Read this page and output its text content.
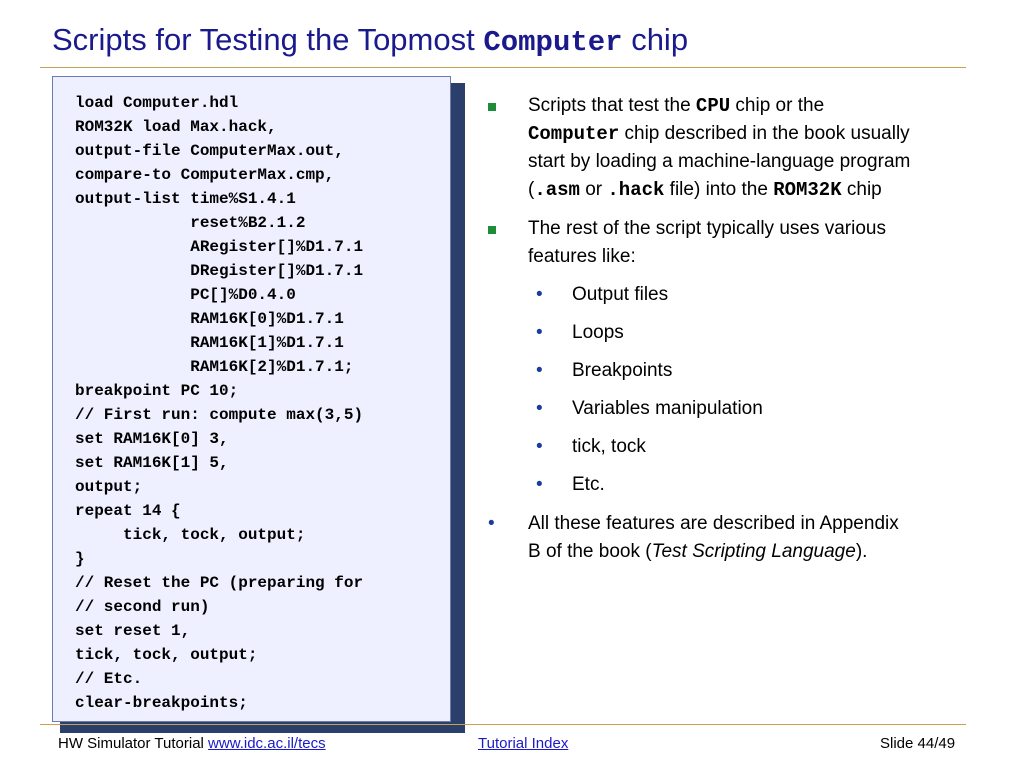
Scripts for Testing the Topmost Computer chip
load Computer.hdl
ROM32K load Max.hack,
output-file ComputerMax.out,
compare-to ComputerMax.cmp,
output-list time%S1.4.1
reset%B2.1.2
ARegister[]%D1.7.1
DRegister[]%D1.7.1
PC[]%D0.4.0
RAM16K[0]%D1.7.1
RAM16K[1]%D1.7.1
RAM16K[2]%D1.7.1;
breakpoint PC 10;
// First run: compute max(3,5)
set RAM16K[0] 3,
set RAM16K[1] 5,
output;
repeat 14 {
tick, tock, output;
}
// Reset the PC (preparing for
// second run)
set reset 1,
tick, tock, output;
// Etc.
clear-breakpoints;
Scripts that test the CPU chip or the
Computer chip described in the book usually
start by loading a machine-language program
(.asm or .hack file) into the ROM32K chip
The rest of the script typically uses various
features like:
• Output files
• Loops
• Breakpoints
• Variables manipulation
• tick, tock
• Etc.
• All these features are described in Appendix
B of the book (Test Scripting Language).
HW Simulator Tutorial www.idc.ac.il/tecs	Tutorial Index	Slide 44/49
